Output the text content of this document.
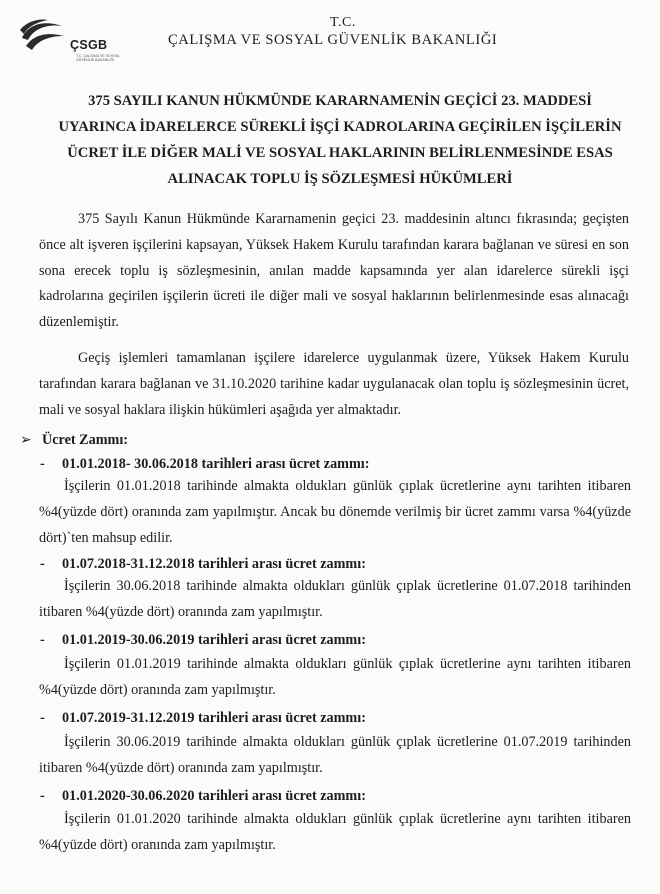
ÇSGB
T.C. ÇALIŞMA VE SOSYAL GÜVENLİK BAKANLIĞI
T.C.
ÇALIŞMA VE SOSYAL GÜVENLİK BAKANLIĞI
375 SAYILI KANUN HÜKMÜNDE KARARNAMENİN GEÇİCİ 23. MADDESİ
UYARINCA İDARELERCE SÜREKLİ İŞÇİ KADROLARINA GEÇİRİLEN İŞÇİLERİN
ÜCRET İLE DİĞER MALİ VE SOSYAL HAKLARININ BELİRLENMESİNDE ESAS
ALINACAK TOPLU İŞ SÖZLEŞMESİ HÜKÜMLERİ
375 Sayılı Kanun Hükmünde Kararnamenin geçici 23. maddesinin altıncı fıkrasında; geçişten önce alt işveren işçilerini kapsayan, Yüksek Hakem Kurulu tarafından karara bağlanan ve süresi en son sona erecek toplu iş sözleşmesinin, anılan madde kapsamında yer alan idarelerce sürekli işçi kadrolarına geçirilen işçilerin ücreti ile diğer mali ve sosyal haklarının belirlenmesinde esas alınacağı düzenlemiştir.
Geçiş işlemleri tamamlanan işçilere idarelerce uygulanmak üzere, Yüksek Hakem Kurulu tarafından karara bağlanan ve 31.10.2020 tarihine kadar uygulanacak olan toplu iş sözleşmesinin ücret, mali ve sosyal haklara ilişkin hükümleri aşağıda yer almaktadır.
➢ Ücret Zammı:
- 01.01.2018- 30.06.2018 tarihleri arası ücret zammı:
İşçilerin 01.01.2018 tarihinde almakta oldukları günlük çıplak ücretlerine aynı tarihten itibaren %4(yüzde dört) oranında zam yapılmıştır. Ancak bu dönemde verilmiş bir ücret zammı varsa %4(yüzde dört)`ten mahsup edilir.
- 01.07.2018-31.12.2018 tarihleri arası ücret zammı:
İşçilerin 30.06.2018 tarihinde almakta oldukları günlük çıplak ücretlerine 01.07.2018 tarihinden itibaren %4(yüzde dört) oranında zam yapılmıştır.
- 01.01.2019-30.06.2019 tarihleri arası ücret zammı:
İşçilerin 01.01.2019 tarihinde almakta oldukları günlük çıplak ücretlerine aynı tarihten itibaren %4(yüzde dört) oranında zam yapılmıştır.
- 01.07.2019-31.12.2019 tarihleri arası ücret zammı:
İşçilerin 30.06.2019 tarihinde almakta oldukları günlük çıplak ücretlerine 01.07.2019 tarihinden itibaren %4(yüzde dört) oranında zam yapılmıştır.
- 01.01.2020-30.06.2020 tarihleri arası ücret zammı:
İşçilerin 01.01.2020 tarihinde almakta oldukları günlük çıplak ücretlerine aynı tarihten itibaren %4(yüzde dört) oranında zam yapılmıştır.
